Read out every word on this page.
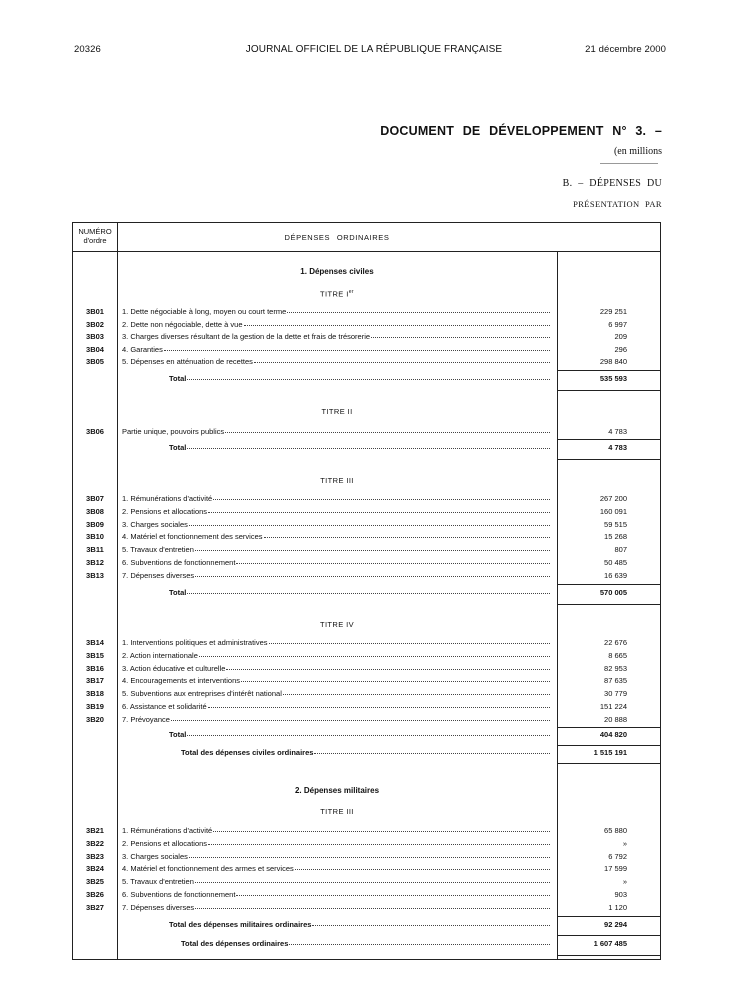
20326	JOURNAL OFFICIEL DE LA RÉPUBLIQUE FRANÇAISE	21 décembre 2000
DOCUMENT DE DÉVELOPPEMENT N° 3. –
(en millions
B. – DÉPENSES DU
PRÉSENTATION PAR
NUMÉRO
d'ordre	DÉPENSES ORDINAIRES
1. Dépenses civiles
TITRE Ier
3B01	1. Dette négociable à long, moyen ou court terme	229 251
3B02	2. Dette non négociable, dette à vue	6 997
3B03	3. Charges diverses résultant de la gestion de la dette et frais de trésorerie	209
3B04	4. Garanties	296
3B05	5. Dépenses en atténuation de recettes	298 840
Total	535 593
TITRE II
3B06	Partie unique, pouvoirs publics	4 783
Total	4 783
TITRE III
3B07	1. Rémunérations d'activité	267 200
3B08	2. Pensions et allocations	160 091
3B09	3. Charges sociales	59 515
3B10	4. Matériel et fonctionnement des services	15 268
3B11	5. Travaux d'entretien	807
3B12	6. Subventions de fonctionnement	50 485
3B13	7. Dépenses diverses	16 639
Total	570 005
TITRE IV
3B14	1. Interventions politiques et administratives	22 676
3B15	2. Action internationale	8 665
3B16	3. Action éducative et culturelle	82 953
3B17	4. Encouragements et interventions	87 635
3B18	5. Subventions aux entreprises d'intérêt national	30 779
3B19	6. Assistance et solidarité	151 224
3B20	7. Prévoyance	20 888
Total	404 820
Total des dépenses civiles ordinaires	1 515 191
2. Dépenses militaires
TITRE III
3B21	1. Rémunérations d'activité	65 880
3B22	2. Pensions et allocations	»
3B23	3. Charges sociales	6 792
3B24	4. Matériel et fonctionnement des armes et services	17 599
3B25	5. Travaux d'entretien	»
3B26	6. Subventions de fonctionnement	903
3B27	7. Dépenses diverses	1 120
Total des dépenses militaires ordinaires	92 294
Total des dépenses ordinaires	1 607 485
